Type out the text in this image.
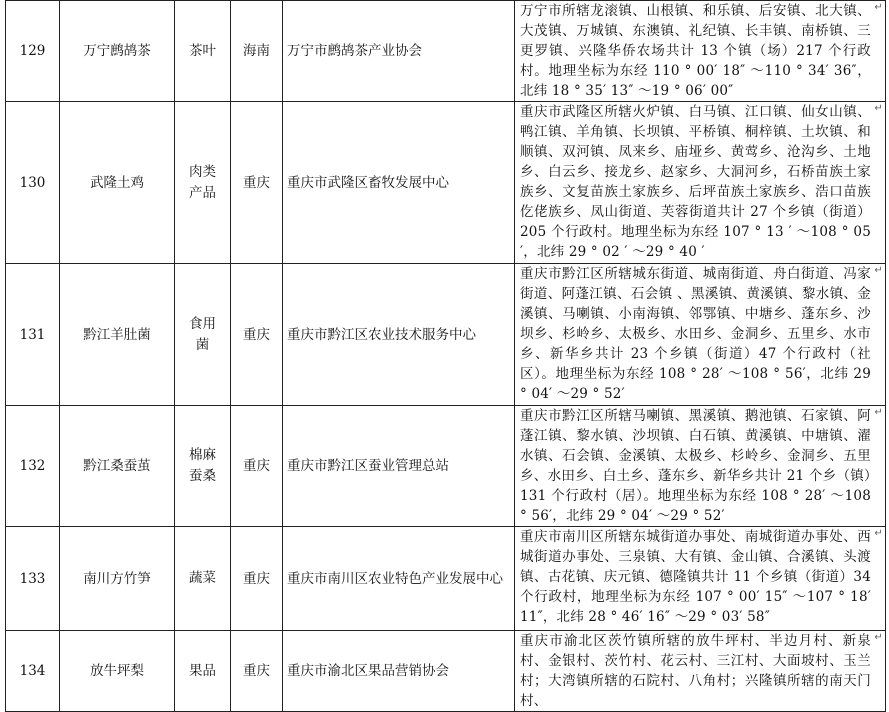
129	万宁鹧鸪茶	茶叶	海南	万宁市鹧鸪茶产业协会	万宁市所辖龙滚镇、山根镇、和乐镇、后安镇、北大镇、大茂镇、万城镇、东澳镇、礼纪镇、长丰镇、南桥镇、三更罗镇、兴隆华侨农场共计 13 个镇（场）217 个行政村。地理坐标为东经 110 ° 00′ 18″ ～110 ° 34′ 36″，北纬 18 ° 35′ 13″ ～19 ° 06′ 00″
↵

130	武隆土鸡	肉类产品	重庆	重庆市武隆区畜牧发展中心	重庆市武隆区所辖火炉镇、白马镇、江口镇、仙女山镇、鸭江镇、羊角镇、长坝镇、平桥镇、桐梓镇、土坎镇、和顺镇、双河镇、凤来乡、庙垭乡、黄莺乡、沧沟乡、土地乡、白云乡、接龙乡、赵家乡、大洞河乡，石桥苗族土家族乡、文复苗族土家族乡、后坪苗族土家族乡、浩口苗族仡佬族乡、凤山街道、芙蓉街道共计 27 个乡镇（街道）205 个行政村。地理坐标为东经 107 ° 13 ′ ～108 ° 05 ′，北纬 29 ° 02 ′ ～29 ° 40 ′
↵

131	黔江羊肚菌	食用菌	重庆	重庆市黔江区农业技术服务中心	重庆市黔江区所辖城东街道、城南街道、舟白街道、冯家街道、阿蓬江镇、石会镇 、黑溪镇、黄溪镇、黎水镇、金溪镇、马喇镇、小南海镇、邻鄂镇、中塘乡、蓬东乡、沙坝乡、杉岭乡、太极乡、水田乡、金洞乡、五里乡、水市乡、新华乡共计 23 个乡镇（街道）47 个行政村（社区）。地理坐标为东经 108 ° 28′ ～108 ° 56′，北纬 29 ° 04′ ～29 ° 52′
↵

132	黔江桑蚕茧	棉麻蚕桑	重庆	重庆市黔江区蚕业管理总站	重庆市黔江区所辖马喇镇、黑溪镇、鹅池镇、石家镇、阿蓬江镇、黎水镇、沙坝镇、白石镇、黄溪镇、中塘镇、濯水镇、石会镇、金溪镇、太极乡、杉岭乡、金洞乡、五里乡、水田乡、白土乡、蓬东乡、新华乡共计 21 个乡（镇）131 个行政村（居）。地理坐标为东经 108 ° 28′ ～108 ° 56′，北纬 29 ° 04′ ～29 ° 52′
↵

133	南川方竹笋	蔬菜	重庆	重庆市南川区农业特色产业发展中心	重庆市南川区所辖东城街道办事处、南城街道办事处、西城街道办事处、三泉镇、大有镇、金山镇、合溪镇、头渡镇、古花镇、庆元镇、德隆镇共计 11 个乡镇（街道）34 个行政村，地理坐标为东经 107 ° 00′ 15″ ～107 ° 18′ 11″，北纬 28 ° 46′ 16″ ～29 ° 03′ 58″
↵

134	放牛坪梨	果品	重庆	重庆市渝北区果品营销协会	重庆市渝北区茨竹镇所辖的放牛坪村、半边月村、新泉村、金银村、茨竹村、花云村、三江村、大面坡村、玉兰村；大湾镇所辖的石院村、八角村；兴隆镇所辖的南天门村、
↵
